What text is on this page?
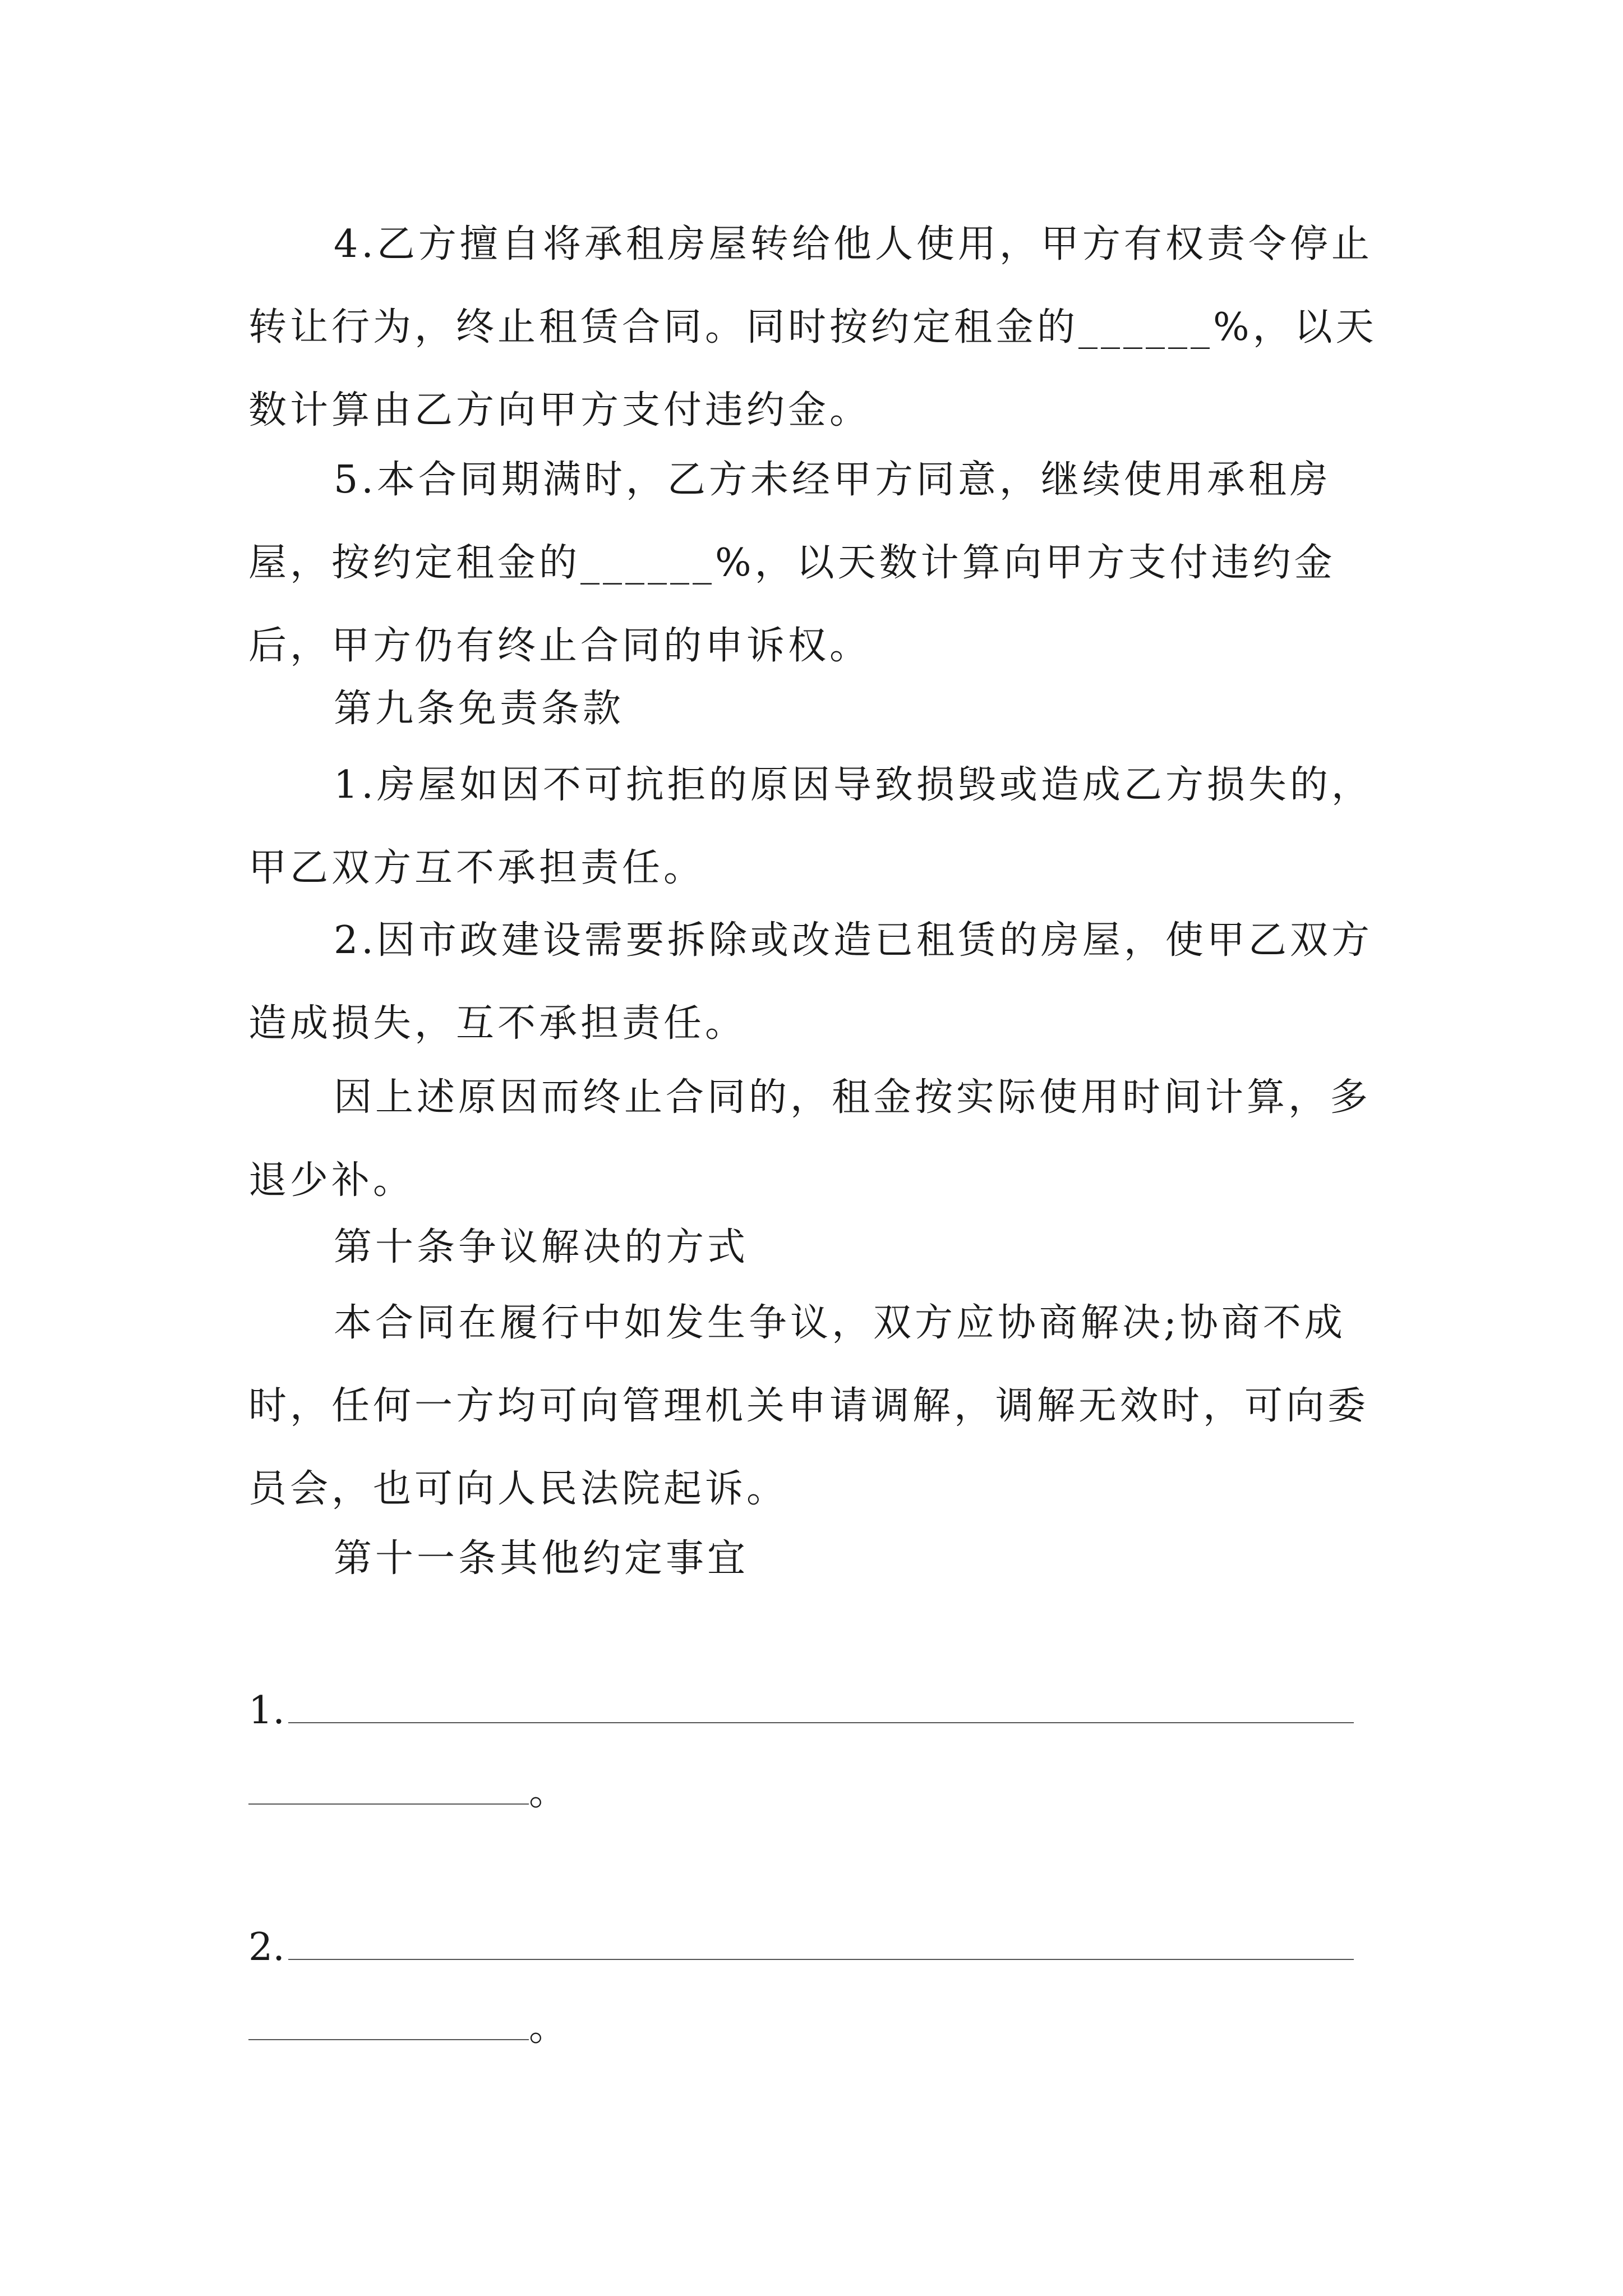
4.乙方擅自将承租房屋转给他人使用，甲方有权责令停止转让行为，终止租赁合同。同时按约定租金的______%，以天数计算由乙方向甲方支付违约金。

5.本合同期满时，乙方未经甲方同意，继续使用承租房屋，按约定租金的______%，以天数计算向甲方支付违约金后，甲方仍有终止合同的申诉权。

第九条免责条款

1.房屋如因不可抗拒的原因导致损毁或造成乙方损失的，甲乙双方互不承担责任。

2.因市政建设需要拆除或改造已租赁的房屋，使甲乙双方造成损失，互不承担责任。

因上述原因而终止合同的，租金按实际使用时间计算，多退少补。

第十条争议解决的方式

本合同在履行中如发生争议，双方应协商解决;协商不成时，任何一方均可向管理机关申请调解，调解无效时，可向委员会，也可向人民法院起诉。

第十一条其他约定事宜

1.
。
2.
。
